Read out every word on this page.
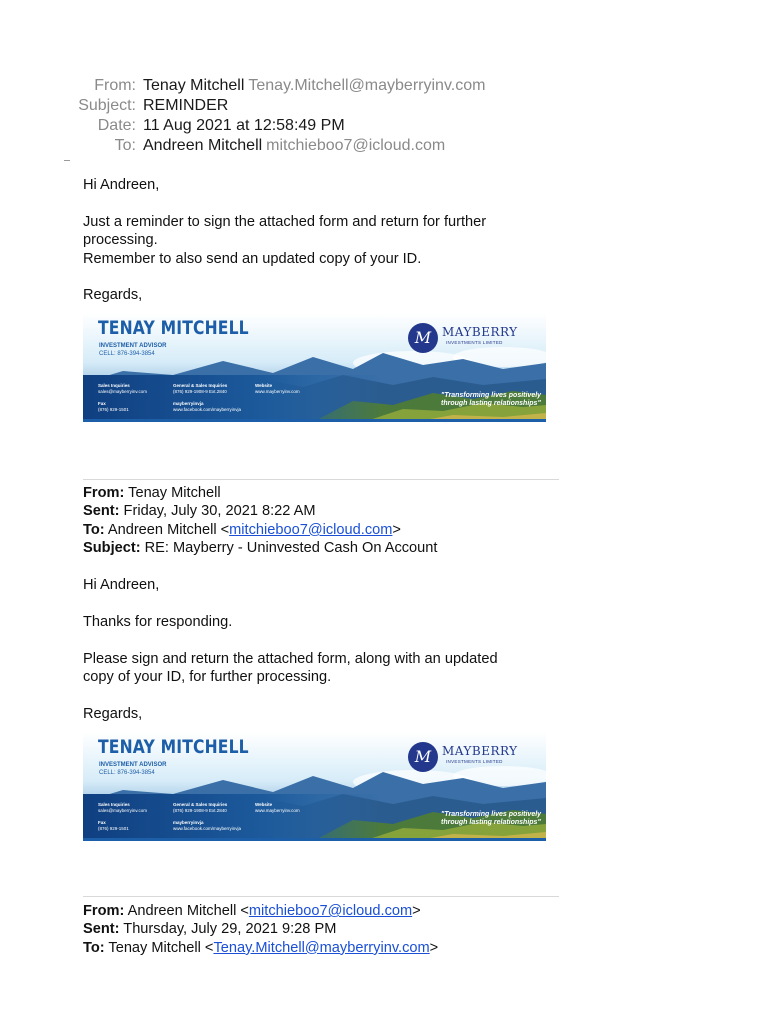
From: Tenay Mitchell Tenay.Mitchell@mayberryinv.com
Subject: REMINDER
Date: 11 Aug 2021 at 12:58:49 PM
To: Andreen Mitchell mitchieboo7@icloud.com

Hi Andreen,

Just a reminder to sign the attached form and return for further

processing.

Remember to also send an updated copy of your ID.

Regards,

TENAY MITCHELL
INVESTMENT ADVISOR
CELL: 876-394-3854
M MAYBERRY
INVESTMENTS LIMITED
Sales Inquiries
sales@mayberryinv.com
General & Sales Inquiries
(876) 929-1908-9 Ext.2840
Website
www.mayberryinv.com
Fax
(876) 929-1501
mayberryinvja
www.facebook.com/mayberryinvja
"Transforming lives positively
through lasting relationships"

From: Tenay Mitchell

Sent: Friday, July 30, 2021 8:22 AM

To: Andreen Mitchell <mitchieboo7@icloud.com>

Subject: RE: Mayberry - Uninvested Cash On Account

Hi Andreen,

Thanks for responding.

Please sign and return the attached form, along with an updated

copy of your ID, for further processing.

Regards,

TENAY MITCHELL
INVESTMENT ADVISOR
CELL: 876-394-3854
M MAYBERRY
INVESTMENTS LIMITED
Sales Inquiries
sales@mayberryinv.com
General & Sales Inquiries
(876) 929-1908-9 Ext.2840
Website
www.mayberryinv.com
Fax
(876) 929-1501
mayberryinvja
www.facebook.com/mayberryinvja
"Transforming lives positively
through lasting relationships"

From: Andreen Mitchell <mitchieboo7@icloud.com>

Sent: Thursday, July 29, 2021 9:28 PM

To: Tenay Mitchell <Tenay.Mitchell@mayberryinv.com>
